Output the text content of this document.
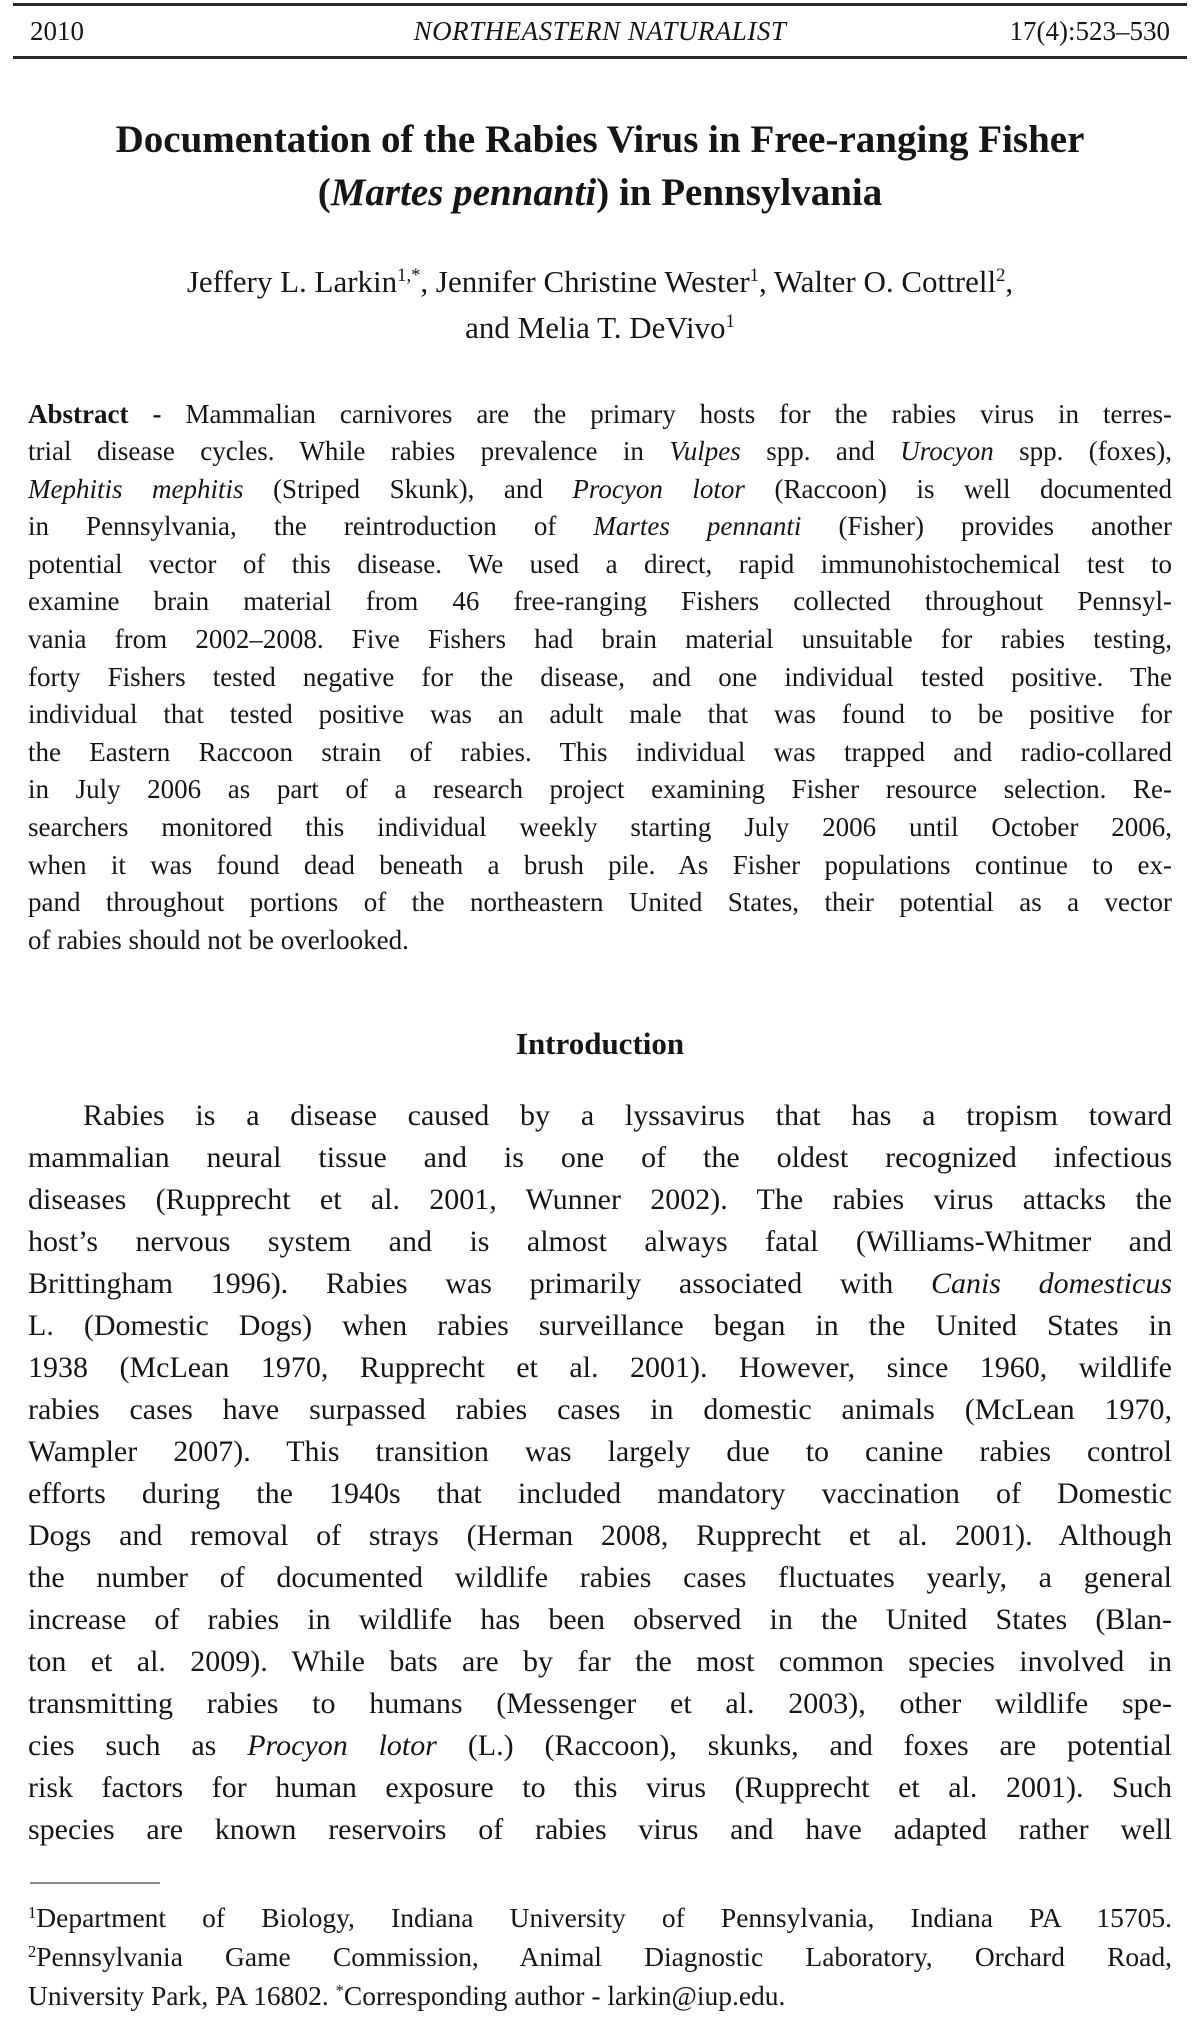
2010	NORTHEASTERN NATURALIST	17(4):523–530
Documentation of the Rabies Virus in Free-ranging Fisher
(Martes pennanti) in Pennsylvania
Jeffery L. Larkin$^{1,*}$, Jennifer Christine Wester$^1$, Walter O. Cottrell$^2$,
and Melia T. DeVivo$^1$
Abstract - Mammalian carnivores are the primary hosts for the rabies virus in terres-
trial disease cycles. While rabies prevalence in Vulpes spp. and Urocyon spp. (foxes),
Mephitis mephitis (Striped Skunk), and Procyon lotor (Raccoon) is well documented
in Pennsylvania, the reintroduction of Martes pennanti (Fisher) provides another
potential vector of this disease. We used a direct, rapid immunohistochemical test to
examine brain material from 46 free-ranging Fishers collected throughout Pennsyl-
vania from 2002–2008. Five Fishers had brain material unsuitable for rabies testing,
forty Fishers tested negative for the disease, and one individual tested positive. The
individual that tested positive was an adult male that was found to be positive for
the Eastern Raccoon strain of rabies. This individual was trapped and radio-collared
in July 2006 as part of a research project examining Fisher resource selection. Re-
searchers monitored this individual weekly starting July 2006 until October 2006,
when it was found dead beneath a brush pile. As Fisher populations continue to ex-
pand throughout portions of the northeastern United States, their potential as a vector
of rabies should not be overlooked.
Introduction
Rabies is a disease caused by a lyssavirus that has a tropism toward
mammalian neural tissue and is one of the oldest recognized infectious
diseases (Rupprecht et al. 2001, Wunner 2002). The rabies virus attacks the
host’s nervous system and is almost always fatal (Williams-Whitmer and
Brittingham 1996). Rabies was primarily associated with Canis domesticus
L. (Domestic Dogs) when rabies surveillance began in the United States in
1938 (McLean 1970, Rupprecht et al. 2001). However, since 1960, wildlife
rabies cases have surpassed rabies cases in domestic animals (McLean 1970,
Wampler 2007). This transition was largely due to canine rabies control
efforts during the 1940s that included mandatory vaccination of Domestic
Dogs and removal of strays (Herman 2008, Rupprecht et al. 2001). Although
the number of documented wildlife rabies cases fluctuates yearly, a general
increase of rabies in wildlife has been observed in the United States (Blan-
ton et al. 2009). While bats are by far the most common species involved in
transmitting rabies to humans (Messenger et al. 2003), other wildlife spe-
cies such as Procyon lotor (L.) (Raccoon), skunks, and foxes are potential
risk factors for human exposure to this virus (Rupprecht et al. 2001). Such
species are known reservoirs of rabies virus and have adapted rather well
$^1$Department of Biology, Indiana University of Pennsylvania, Indiana PA 15705.
$^2$Pennsylvania Game Commission, Animal Diagnostic Laboratory, Orchard Road,
University Park, PA 16802. *Corresponding author - larkin@iup.edu.
